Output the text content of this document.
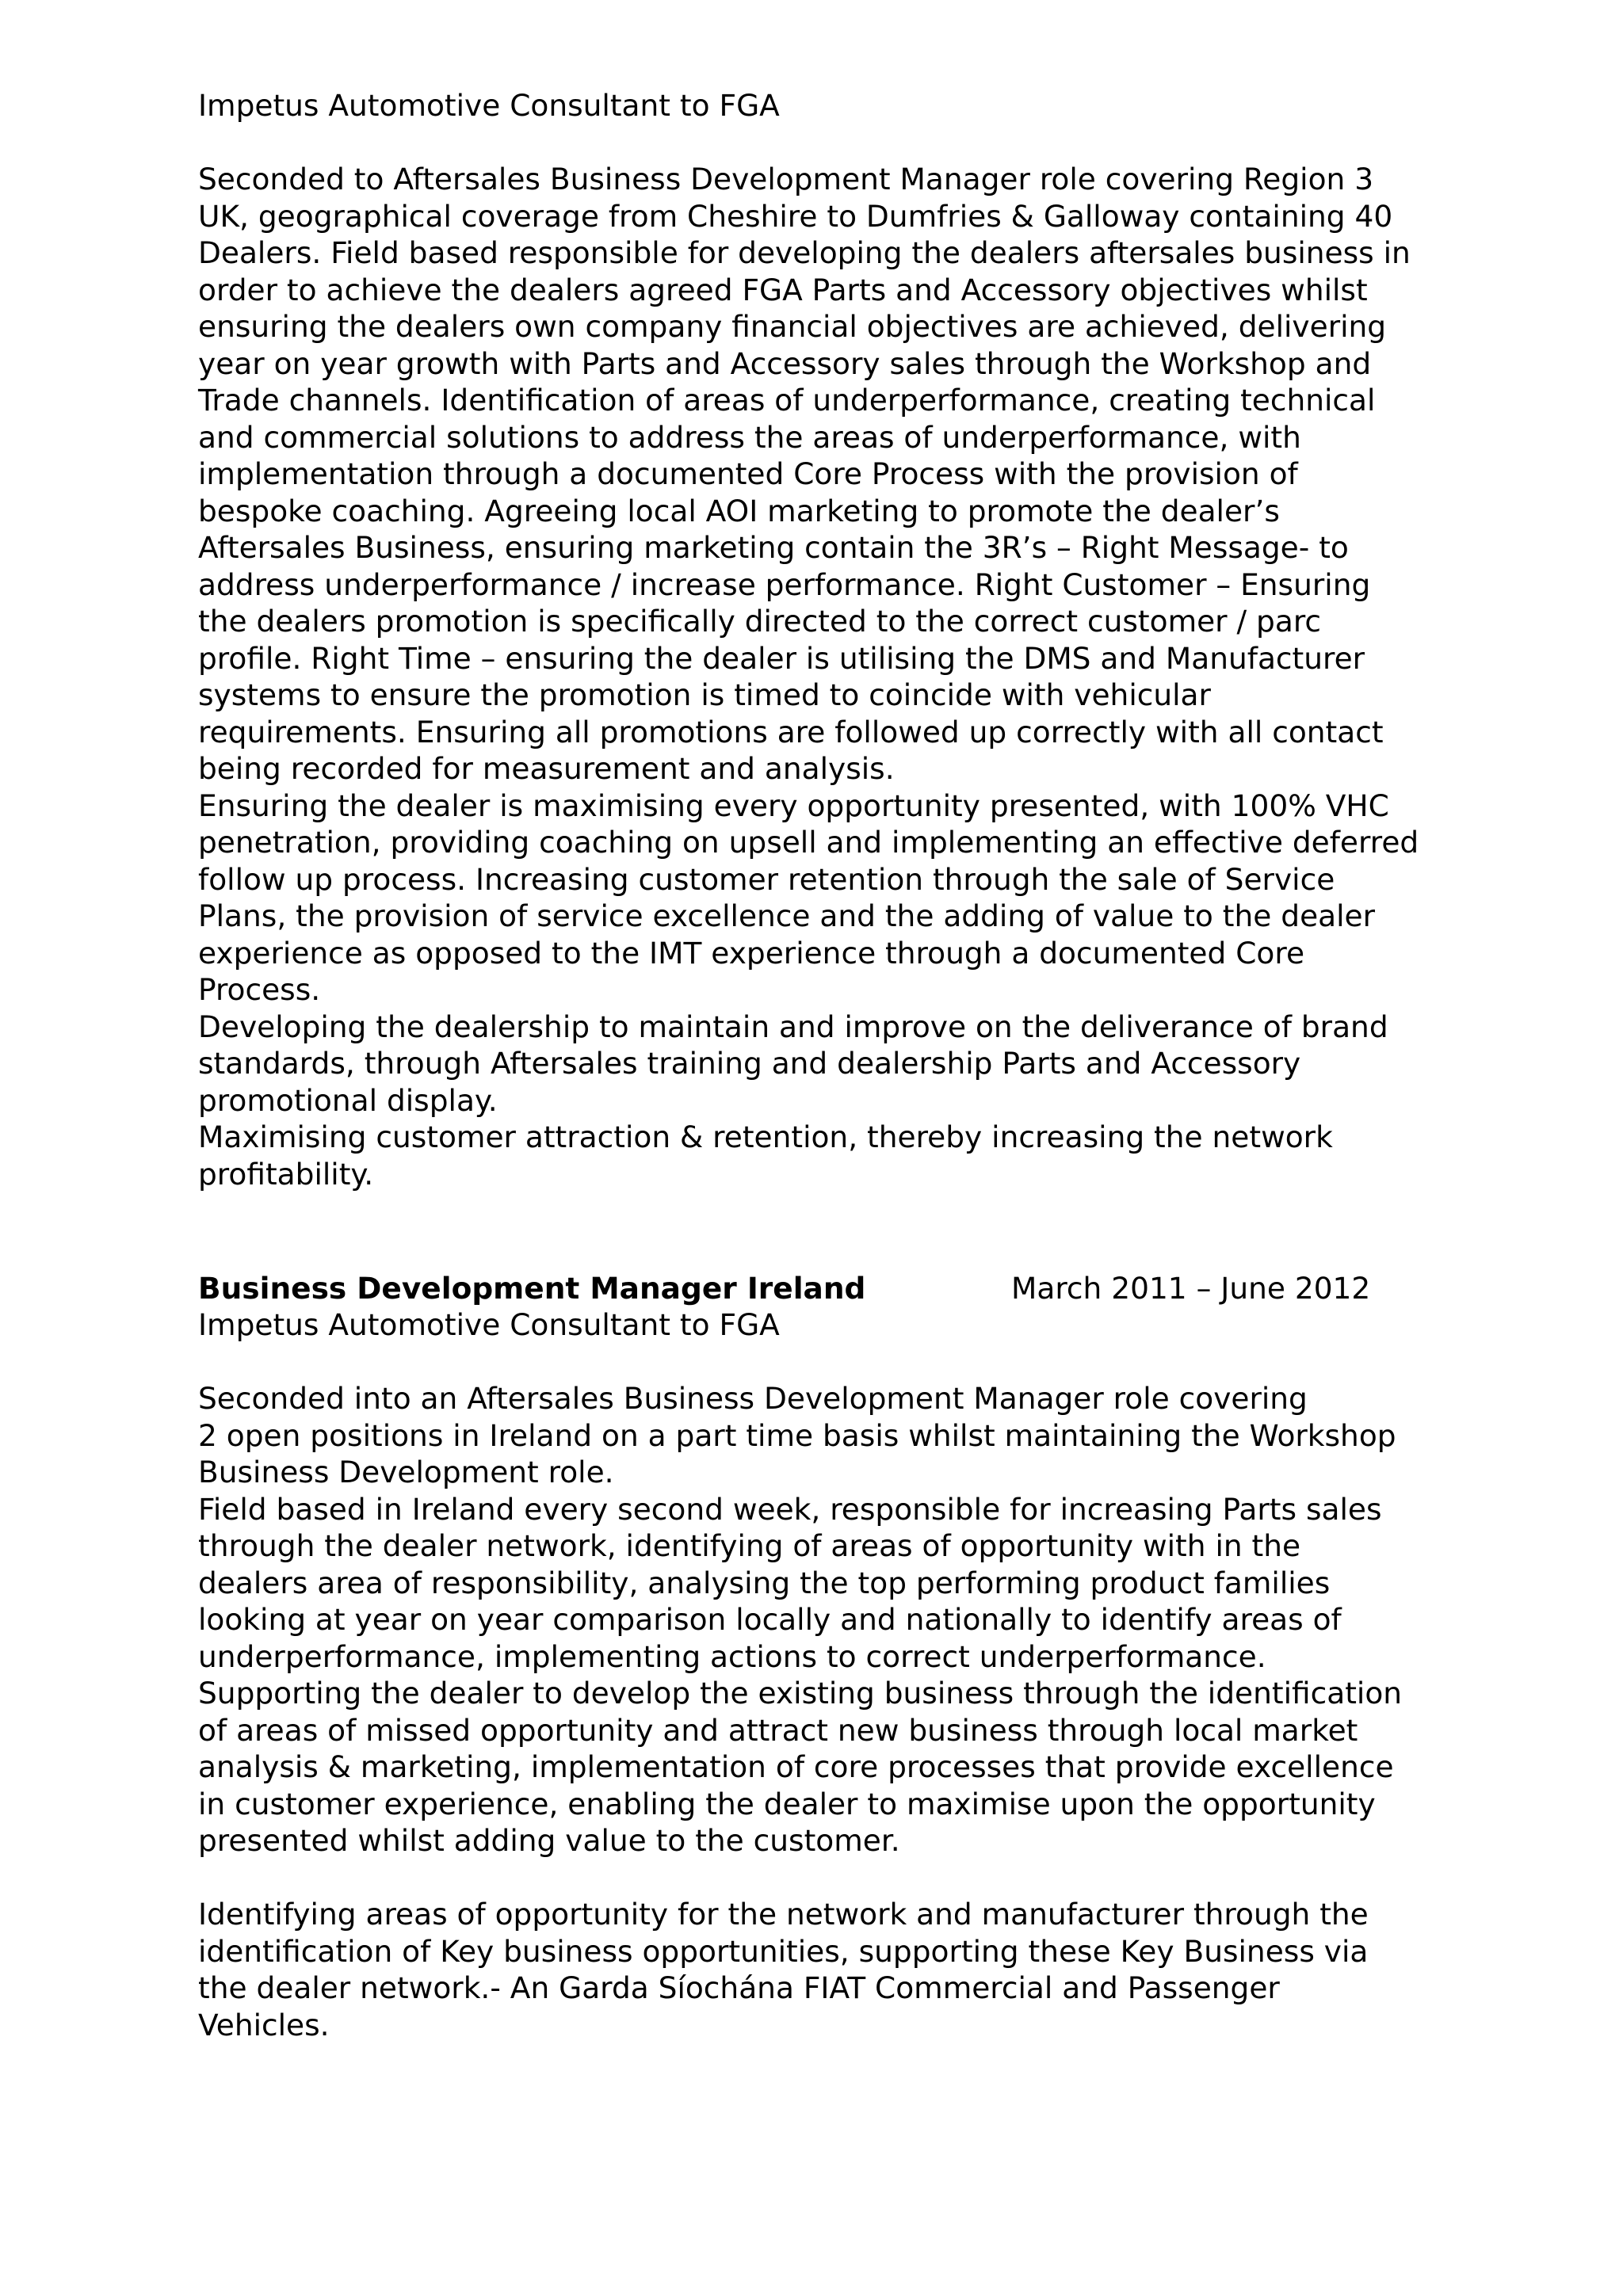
Impetus Automotive Consultant to FGA
Seconded to Aftersales Business Development Manager role covering Region 3
UK, geographical coverage from Cheshire to Dumfries & Galloway containing 40
Dealers. Field based responsible for developing the dealers aftersales business in
order to achieve the dealers agreed FGA Parts and Accessory objectives whilst
ensuring the dealers own company financial objectives are achieved, delivering
year on year growth with Parts and Accessory sales through the Workshop and
Trade channels. Identification of areas of underperformance, creating technical
and commercial solutions to address the areas of underperformance, with
implementation through a documented Core Process with the provision of
bespoke coaching. Agreeing local AOI marketing to promote the dealer’s
Aftersales Business, ensuring marketing contain the 3R’s – Right Message- to
address underperformance / increase performance. Right Customer – Ensuring
the dealers promotion is specifically directed to the correct customer / parc
profile. Right Time – ensuring the dealer is utilising the DMS and Manufacturer
systems to ensure the promotion is timed to coincide with vehicular
requirements. Ensuring all promotions are followed up correctly with all contact
being recorded for measurement and analysis.
Ensuring the dealer is maximising every opportunity presented, with 100% VHC
penetration, providing coaching on upsell and implementing an effective deferred
follow up process. Increasing customer retention through the sale of Service
Plans, the provision of service excellence and the adding of value to the dealer
experience as opposed to the IMT experience through a documented Core
Process.
Developing the dealership to maintain and improve on the deliverance of brand
standards, through Aftersales training and dealership Parts and Accessory
promotional display.
Maximising customer attraction & retention, thereby increasing the network
profitability.
Business Development Manager Ireland	March 2011 – June 2012
Impetus Automotive Consultant to FGA
Seconded into an Aftersales Business Development Manager role covering
2 open positions in Ireland on a part time basis whilst maintaining the Workshop
Business Development role.
Field based in Ireland every second week, responsible for increasing Parts sales
through the dealer network, identifying of areas of opportunity with in the
dealers area of responsibility, analysing the top performing product families
looking at year on year comparison locally and nationally to identify areas of
underperformance, implementing actions to correct underperformance.
Supporting the dealer to develop the existing business through the identification
of areas of missed opportunity and attract new business through local market
analysis & marketing, implementation of core processes that provide excellence
in customer experience, enabling the dealer to maximise upon the opportunity
presented whilst adding value to the customer.
Identifying areas of opportunity for the network and manufacturer through the
identification of Key business opportunities, supporting these Key Business via
the dealer network.- An Garda Síochána FIAT Commercial and Passenger
Vehicles.
